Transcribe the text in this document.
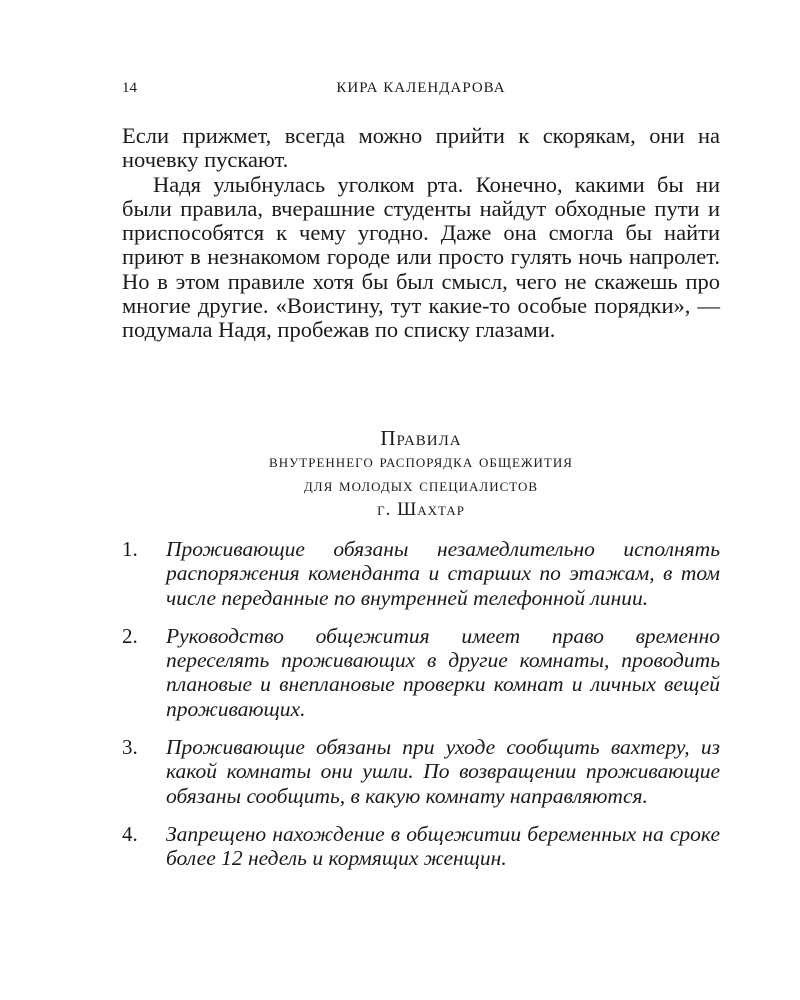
14	КИРА КАЛЕНДАРОВА

Если прижмет, всегда можно прийти к скорякам, они на ночевку пускают.

Надя улыбнулась уголком рта. Конечно, какими бы ни были правила, вчерашние студенты найдут обходные пути и приспособятся к чему угодно. Даже она смогла бы найти приют в незнакомом городе или просто гулять ночь напролет. Но в этом правиле хотя бы был смысл, чего не скажешь про многие другие. «Воистину, тут какие-то особые порядки», — подумала Надя, пробежав по списку глазами.

Правила
внутреннего распорядка общежития
для молодых специалистов
г. Шахтар
1.	Проживающие обязаны незамедлительно исполнять распоряжения коменданта и старших по этажам, в том числе переданные по внутренней телефонной линии.
2.	Руководство общежития имеет право временно переселять проживающих в другие комнаты, проводить плановые и внеплановые проверки комнат и личных вещей проживающих.
3.	Проживающие обязаны при уходе сообщить вахтеру, из какой комнаты они ушли. По возвращении проживающие обязаны сообщить, в какую комнату направляются.
4.	Запрещено нахождение в общежитии беременных на сроке более 12 недель и кормящих женщин.
